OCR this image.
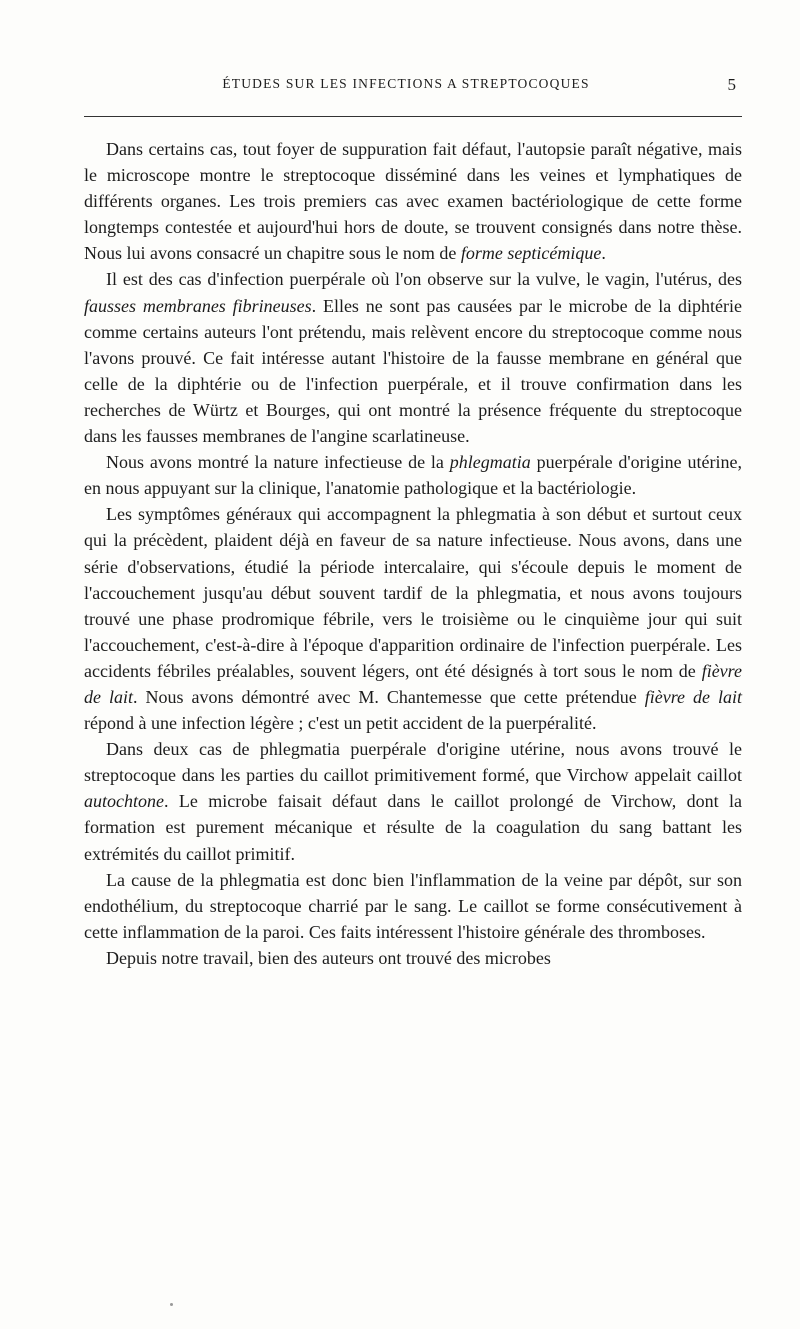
ÉTUDES SUR LES INFECTIONS A STREPTOCOQUES	5

Dans certains cas, tout foyer de suppuration fait défaut, l'autopsie paraît négative, mais le microscope montre le streptocoque disséminé dans les veines et lymphatiques de différents organes. Les trois premiers cas avec examen bactériologique de cette forme longtemps contestée et aujourd'hui hors de doute, se trouvent consignés dans notre thèse. Nous lui avons consacré un chapitre sous le nom de forme septicémique.

Il est des cas d'infection puerpérale où l'on observe sur la vulve, le vagin, l'utérus, des fausses membranes fibrineuses. Elles ne sont pas causées par le microbe de la diphtérie comme certains auteurs l'ont prétendu, mais relèvent encore du streptocoque comme nous l'avons prouvé. Ce fait intéresse autant l'histoire de la fausse membrane en général que celle de la diphtérie ou de l'infection puerpérale, et il trouve confirmation dans les recherches de Würtz et Bourges, qui ont montré la présence fréquente du streptocoque dans les fausses membranes de l'angine scarlatineuse.

Nous avons montré la nature infectieuse de la phlegmatia puerpérale d'origine utérine, en nous appuyant sur la clinique, l'anatomie pathologique et la bactériologie.

Les symptômes généraux qui accompagnent la phlegmatia à son début et surtout ceux qui la précèdent, plaident déjà en faveur de sa nature infectieuse. Nous avons, dans une série d'observations, étudié la période intercalaire, qui s'écoule depuis le moment de l'accouchement jusqu'au début souvent tardif de la phlegmatia, et nous avons toujours trouvé une phase prodromique fébrile, vers le troisième ou le cinquième jour qui suit l'accouchement, c'est-à-dire à l'époque d'apparition ordinaire de l'infection puerpérale. Les accidents fébriles préalables, souvent légers, ont été désignés à tort sous le nom de fièvre de lait. Nous avons démontré avec M. Chantemesse que cette prétendue fièvre de lait répond à une infection légère ; c'est un petit accident de la puerpéralité.

Dans deux cas de phlegmatia puerpérale d'origine utérine, nous avons trouvé le streptocoque dans les parties du caillot primitivement formé, que Virchow appelait caillot autochtone. Le microbe faisait défaut dans le caillot prolongé de Virchow, dont la formation est purement mécanique et résulte de la coagulation du sang battant les extrémités du caillot primitif.

La cause de la phlegmatia est donc bien l'inflammation de la veine par dépôt, sur son endothélium, du streptocoque charrié par le sang. Le caillot se forme consécutivement à cette inflammation de la paroi. Ces faits intéressent l'histoire générale des thromboses.

Depuis notre travail, bien des auteurs ont trouvé des microbes
